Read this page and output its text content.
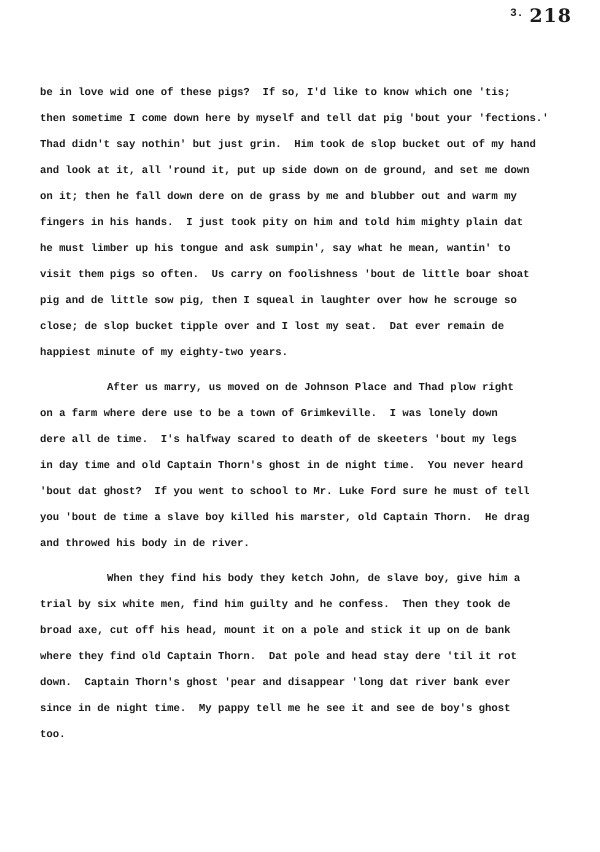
$^{3.}$ 218
be in love wid one of these pigs?  If so, I'd like to know which one 'tis;
then sometime I come down here by myself and tell dat pig 'bout your 'fections.'
Thad didn't say nothin' but just grin.  Him took de slop bucket out of my hand
and look at it, all 'round it, put up side down on de ground, and set me down
on it; then he fall down dere on de grass by me and blubber out and warm my
fingers in his hands.  I just took pity on him and told him mighty plain dat
he must limber up his tongue and ask sumpin', say what he mean, wantin' to
visit them pigs so often.  Us carry on foolishness 'bout de little boar shoat
pig and de little sow pig, then I squeal in laughter over how he scrouge so
close; de slop bucket tipple over and I lost my seat.  Dat ever remain de
happiest minute of my eighty-two years.
After us marry, us moved on de Johnson Place and Thad plow right
on a farm where dere use to be a town of Grimkeville.  I was lonely down
dere all de time.  I's halfway scared to death of de skeeters 'bout my legs
in day time and old Captain Thorn's ghost in de night time.  You never heard
'bout dat ghost?  If you went to school to Mr. Luke Ford sure he must of tell
you 'bout de time a slave boy killed his marster, old Captain Thorn.  He drag
and throwed his body in de river.
When they find his body they ketch John, de slave boy, give him a
trial by six white men, find him guilty and he confess.  Then they took de
broad axe, cut off his head, mount it on a pole and stick it up on de bank
where they find old Captain Thorn.  Dat pole and head stay dere 'til it rot
down.  Captain Thorn's ghost 'pear and disappear 'long dat river bank ever
since in de night time.  My pappy tell me he see it and see de boy's ghost
too.
